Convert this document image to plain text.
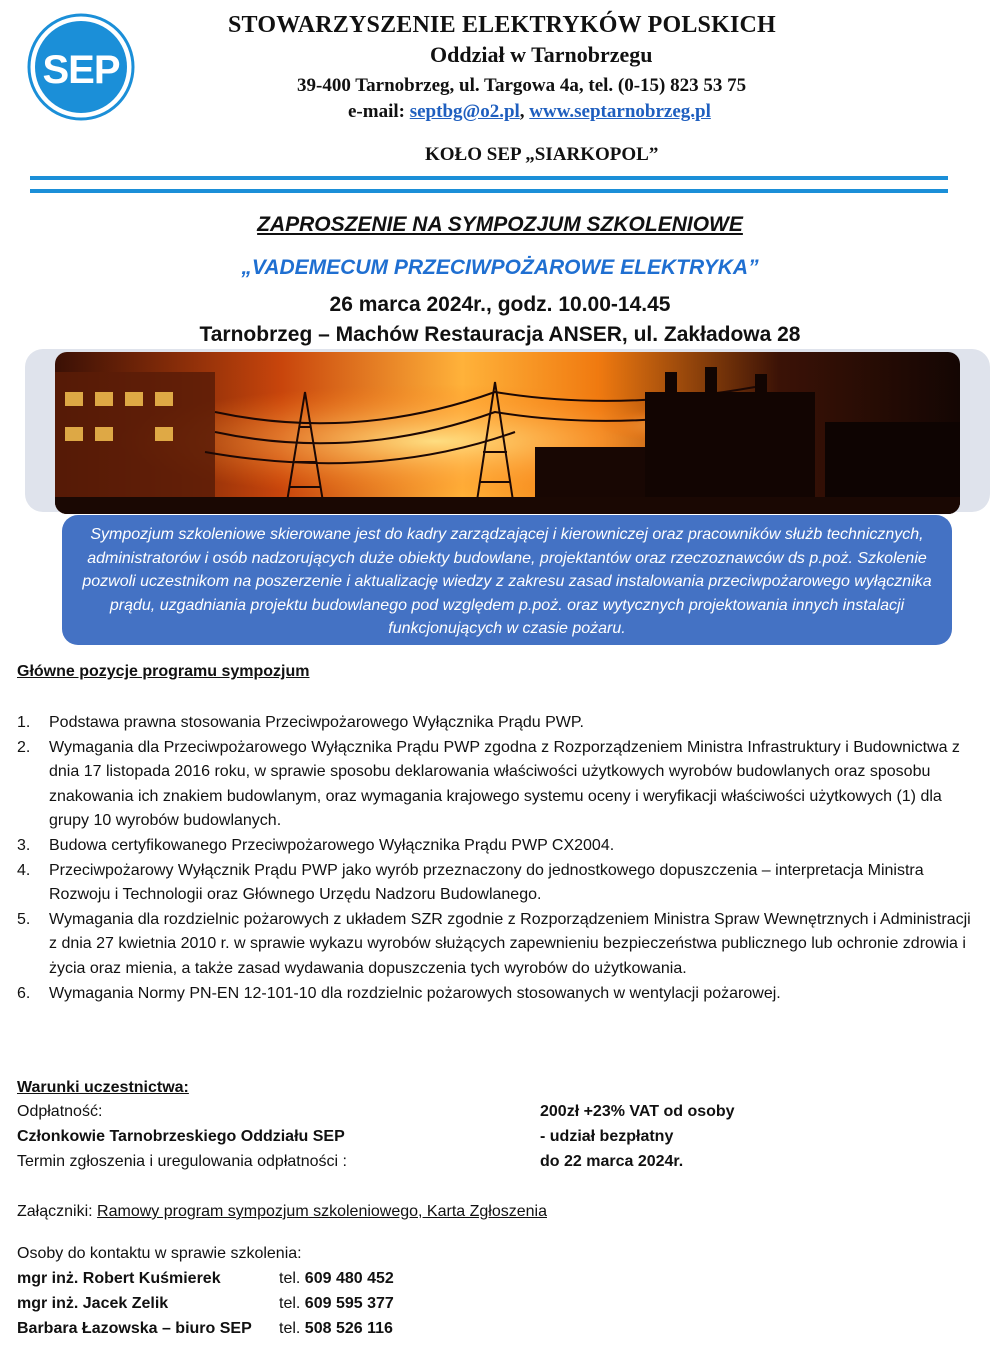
SEP
STOWARZYSZENIE ELEKTRYKÓW POLSKICH
Oddział w Tarnobrzegu
39-400 Tarnobrzeg, ul. Targowa 4a, tel. (0-15) 823 53 75
e-mail: septbg@o2.pl, www.septarnobrzeg.pl
KOŁO SEP „SIARKOPOL”
ZAPROSZENIE NA SYMPOZJUM SZKOLENIOWE
„VADEMECUM PRZECIWPOŻAROWE ELEKTRYKA”
26 marca 2024r., godz. 10.00-14.45
Tarnobrzeg – Machów Restauracja ANSER, ul. Zakładowa 28

Sympozjum szkoleniowe skierowane jest do kadry zarządzającej i kierowniczej oraz pracowników służb technicznych, administratorów i osób nadzorujących duże obiekty budowlane, projektantów oraz rzeczoznawców ds p.poż. Szkolenie pozwoli uczestnikom na poszerzenie i aktualizację wiedzy z zakresu zasad instalowania przeciwpożarowego wyłącznika prądu, uzgadniania projektu budowlanego pod względem p.poż. oraz wytycznych projektowania innych instalacji funkcjonujących w czasie pożaru.

Główne pozycje programu sympozjum
1. Podstawa prawna stosowania Przeciwpożarowego Wyłącznika Prądu PWP.
2. Wymagania dla Przeciwpożarowego Wyłącznika Prądu PWP zgodna z Rozporządzeniem Ministra Infrastruktury i Budownictwa z dnia 17 listopada 2016 roku, w sprawie sposobu deklarowania właściwości użytkowych wyrobów budowlanych oraz sposobu znakowania ich znakiem budowlanym, oraz wymagania krajowego systemu oceny i weryfikacji właściwości użytkowych (1) dla grupy 10 wyrobów budowlanych.
3. Budowa certyfikowanego Przeciwpożarowego Wyłącznika Prądu PWP CX2004.
4. Przeciwpożarowy Wyłącznik Prądu PWP jako wyrób przeznaczony do jednostkowego dopuszczenia – interpretacja Ministra Rozwoju i Technologii oraz Głównego Urzędu Nadzoru Budowlanego.
5. Wymagania dla rozdzielnic pożarowych z układem SZR zgodnie z Rozporządzeniem Ministra Spraw Wewnętrznych i Administracji z dnia 27 kwietnia 2010 r. w sprawie wykazu wyrobów służących zapewnieniu bezpieczeństwa publicznego lub ochronie zdrowia i życia oraz mienia, a także zasad wydawania dopuszczenia tych wyrobów do użytkowania.
6. Wymagania Normy PN-EN 12-101-10 dla rozdzielnic pożarowych stosowanych w wentylacji pożarowej.
Warunki uczestnictwa:
Odpłatność:	200zł +23% VAT od osoby
Członkowie Tarnobrzeskiego Oddziału SEP	- udział bezpłatny
Termin zgłoszenia i uregulowania odpłatności :	do 22 marca 2024r.
Załączniki: Ramowy program sympozjum szkoleniowego, Karta Zgłoszenia
Osoby do kontaktu w sprawie szkolenia:
mgr inż. Robert Kuśmierek	tel. 609 480 452
mgr inż. Jacek Zelik	tel. 609 595 377
Barbara Łazowska – biuro SEP tel. 508 526 116
